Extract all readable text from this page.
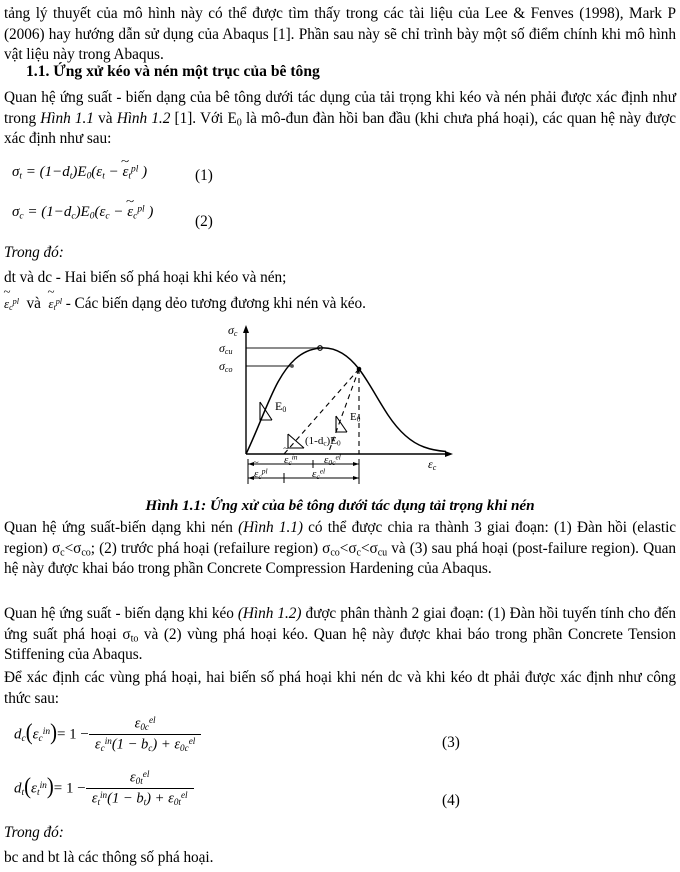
tảng lý thuyết của mô hình này có thể được tìm thấy trong các tài liệu của Lee & Fenves (1998), Mark P (2006) hay hướng dẫn sử dụng của Abaqus [1]. Phần sau này sẽ chỉ trình bày một số điểm chính khi mô hình vật liệu này trong Abaqus.

1.1. Ứng xử kéo và nén một trục của bê tông

Quan hệ ứng suất - biến dạng của bê tông dưới tác dụng của tải trọng khi kéo và nén phải được xác định như trong Hình 1.1 và Hình 1.2 [1]. Với $E_0$ là mô-đun đàn hồi ban đầu (khi chưa phá hoại), các quan hệ này được xác định như sau:

σt = (1−dt)E0(εt −
~
$\varepsilon t^{pl}$ )	(1)
σc = (1−dc)E0(εc −
~
$\varepsilon c^{pl}$ )
(2)

Trong đó:

dt và dc - Hai biến số phá hoại khi kéo và nén;

~
$\varepsilon c^{pl}$ và
~
$\varepsilon t^{pl}$ - Các biến dạng dẻo tương đương khi nén và kéo.

σc
σcu
σco
εc
$E_0$
$E_0$
$(1-d_c)E_0$
~
$\varepsilon c^{in}$ $\varepsilon 0c^{el}$
~
$\varepsilon c^{pl}$	$\varepsilon c^{el}$

Hình 1.1: Ứng xử của bê tông dưới tác dụng tải trọng khi nén

Quan hệ ứng suất-biến dạng khi nén (Hình 1.1) có thể được chia ra thành 3 giai đoạn: (1) Đàn hồi (elastic region) $\sigma_c<\sigma_{co}$; (2) trước phá hoại (refailure region) $\sigma_{co}<\sigma_c<\sigma_{cu}$ và (3) sau phá hoại (post-failure region). Quan hệ này được khai báo trong phần Concrete Compression Hardening của Abaqus.

Quan hệ ứng suất - biến dạng khi kéo (Hình 1.2) được phân thành 2 giai đoạn: (1) Đàn hồi tuyến tính cho đến ứng suất phá hoại $\sigma_{to}$ và (2) vùng phá hoại kéo. Quan hệ này được khai báo trong phần Concrete Tension Stiffening của Abaqus.

Để xác định các vùng phá hoại, hai biến số phá hoại khi nén dc và khi kéo dt phải được xác định như công thức sau:

$dc(\varepsilon c^{in})= 1 - \frac{\varepsilon 0c^{el}}{\varepsilon c^{in}(1 - bc) + \varepsilon 0c^{el}}$	(3)
$dt(\varepsilon t^{in})= 1 - \frac{\varepsilon 0t^{el}}{\varepsilon t^{in}(1 - bt) + \varepsilon 0t^{el}}$	(4)

Trong đó:

bc and bt là các thông số phá hoại.
